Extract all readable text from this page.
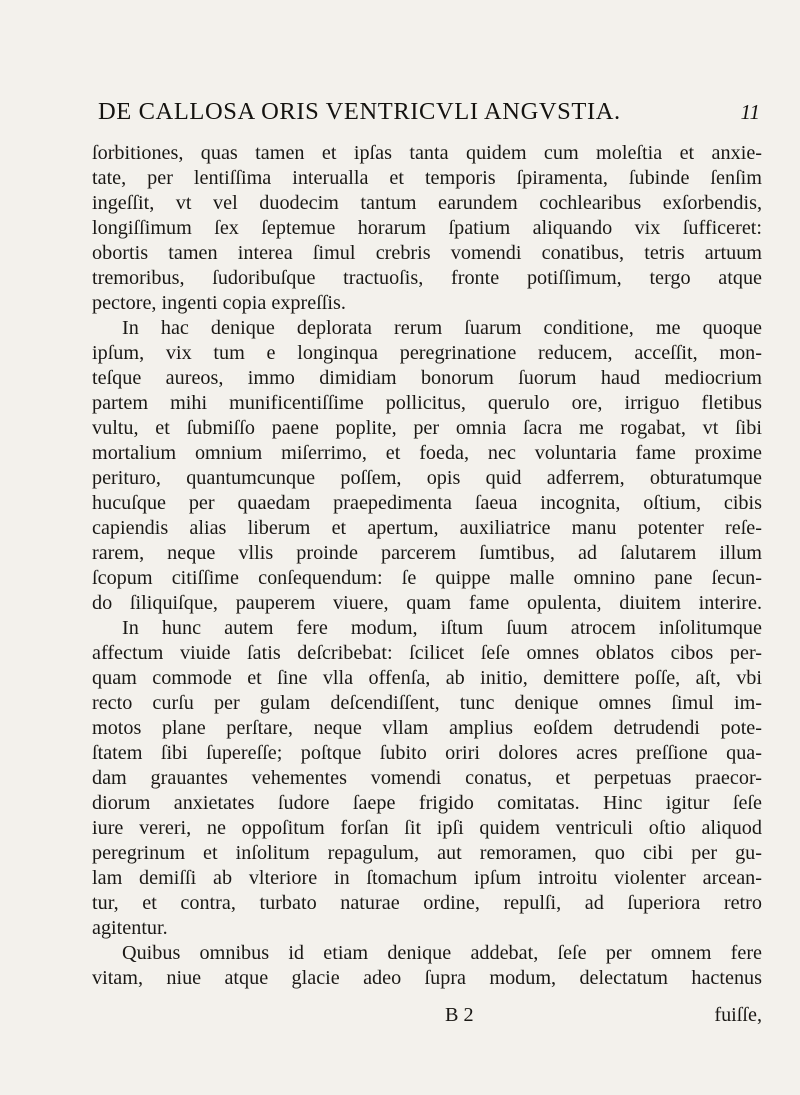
DE CALLOSA ORIS VENTRICVLI ANGVSTIA.	11
ſorbitiones, quas tamen et ipſas tanta quidem cum moleſtia et anxie-
tate, per lentiſſima interualla et temporis ſpiramenta, ſubinde ſenſim
ingeſſit, vt vel duodecim tantum earundem cochlearibus exſorbendis,
longiſſimum ſex ſeptemue horarum ſpatium aliquando vix ſufficeret:
obortis tamen interea ſimul crebris vomendi conatibus, tetris artuum
tremoribus, ſudoribuſque tractuoſis, fronte potiſſimum, tergo atque
pectore, ingenti copia expreſſis.
In hac denique deplorata rerum ſuarum conditione, me quoque
ipſum, vix tum e longinqua peregrinatione reducem, acceſſit, mon-
teſque aureos, immo dimidiam bonorum ſuorum haud mediocrium
partem mihi munificentiſſime pollicitus, querulo ore, irriguo fletibus
vultu, et ſubmiſſo paene poplite, per omnia ſacra me rogabat, vt ſibi
mortalium omnium miſerrimo, et foeda, nec voluntaria fame proxime
perituro, quantumcunque poſſem, opis quid adferrem, obturatumque
hucuſque per quaedam praepedimenta ſaeua incognita, oſtium, cibis
capiendis alias liberum et apertum, auxiliatrice manu potenter reſe-
rarem, neque vllis proinde parcerem ſumtibus, ad ſalutarem illum
ſcopum citiſſime conſequendum: ſe quippe malle omnino pane ſecun-
do ſiliquiſque, pauperem viuere, quam fame opulenta, diuitem interire.
In hunc autem fere modum, iſtum ſuum atrocem inſolitumque
affectum viuide ſatis deſcribebat: ſcilicet ſeſe omnes oblatos cibos per-
quam commode et ſine vlla offenſa, ab initio, demittere poſſe, aſt, vbi
recto curſu per gulam deſcendiſſent, tunc denique omnes ſimul im-
motos plane perſtare, neque vllam amplius eoſdem detrudendi pote-
ſtatem ſibi ſupereſſe; poſtque ſubito oriri dolores acres preſſione qua-
dam grauantes vehementes vomendi conatus, et perpetuas praecor-
diorum anxietates ſudore ſaepe frigido comitatas. Hinc igitur ſeſe
iure vereri, ne oppoſitum forſan ſit ipſi quidem ventriculi oſtio aliquod
peregrinum et inſolitum repagulum, aut remoramen, quo cibi per gu-
lam demiſſi ab vlteriore in ſtomachum ipſum introitu violenter arcean-
tur, et contra, turbato naturae ordine, repulſi, ad ſuperiora retro
agitentur.
Quibus omnibus id etiam denique addebat, ſeſe per omnem fere
vitam, niue atque glacie adeo ſupra modum, delectatum hactenus
B 2	fuiſſe,
